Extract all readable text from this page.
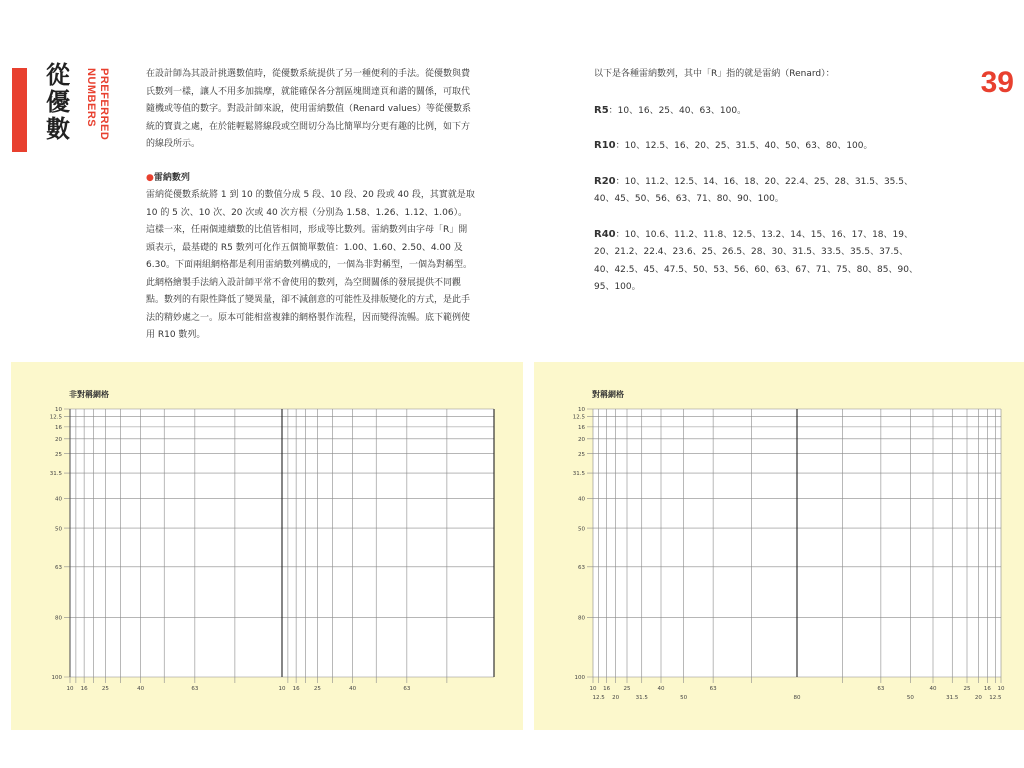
從
優
數	PREFERRED
NUMBERS	39

在設計師為其設計挑選數值時，從優數系統提供了另一種便利的手法。從優數與費氏數列一樣，讓人不用多加揣摩，就能確保各分割區塊間達頁和諧的關係，可取代隨機或等值的數字。對設計師來說，使用雷納數值（Renard values）等從優數系統的寶貴之處，在於能輕鬆將線段或空間切分為比簡單均分更有趣的比例，如下方的線段所示。

●雷納數列

雷納從優數系統將 1 到 10 的數值分成 5 段、10 段、20 段或 40 段，其實就是取 10 的 5 次、10 次、20 次或 40 次方根（分別為 1.58、1.26、1.12、1.06）。這樣一來，任兩個連續數的比值皆相同，形成等比數列。雷納數列由字母「R」開頭表示，最基礎的 R5 數列可化作五個簡單數值：1.00、1.60、2.50、4.00 及 6.30。下面兩組網格都是利用雷納數列構成的，一個為非對稱型，一個為對稱型。此網格繪製手法納入設計師平常不會使用的數列，為空間關係的發展提供不同觀點。數列的有限性降低了變異量，卻不減創意的可能性及排版變化的方式，是此手法的精妙處之一。原本可能相當複雜的網格製作流程，因而變得流暢。底下範例使用 R10 數列。

以下是各種雷納數列，其中「R」指的就是雷納（Renard）：

R5：10、16、25、40、63、100。

R10：10、12.5、16、20、25、31.5、40、50、63、80、100。

R20：10、11.2、12.5、14、16、18、20、22.4、25、28、31.5、35.5、40、45、50、56、63、71、80、90、100。

R40：10、10.6、11.2、11.8、12.5、13.2、14、15、16、17、18、19、20、21.2、22.4、23.6、25、26.5、28、30、31.5、33.5、35.5、37.5、40、42.5、45、47.5、50、53、56、60、63、67、71、75、80、85、90、95、100。

非對稱網格
10
12.5
16
20
25
31.5
40
50
63
80
100
10 16	25	40	63	10 16	25	40	63
對稱網格
10
12.5
16
20
25
31.5
40
50
63
80
100
10 16 25	40	63	63	40	25 16 10
12.5 20	31.5	50	80	50	31.5	20 12.5
